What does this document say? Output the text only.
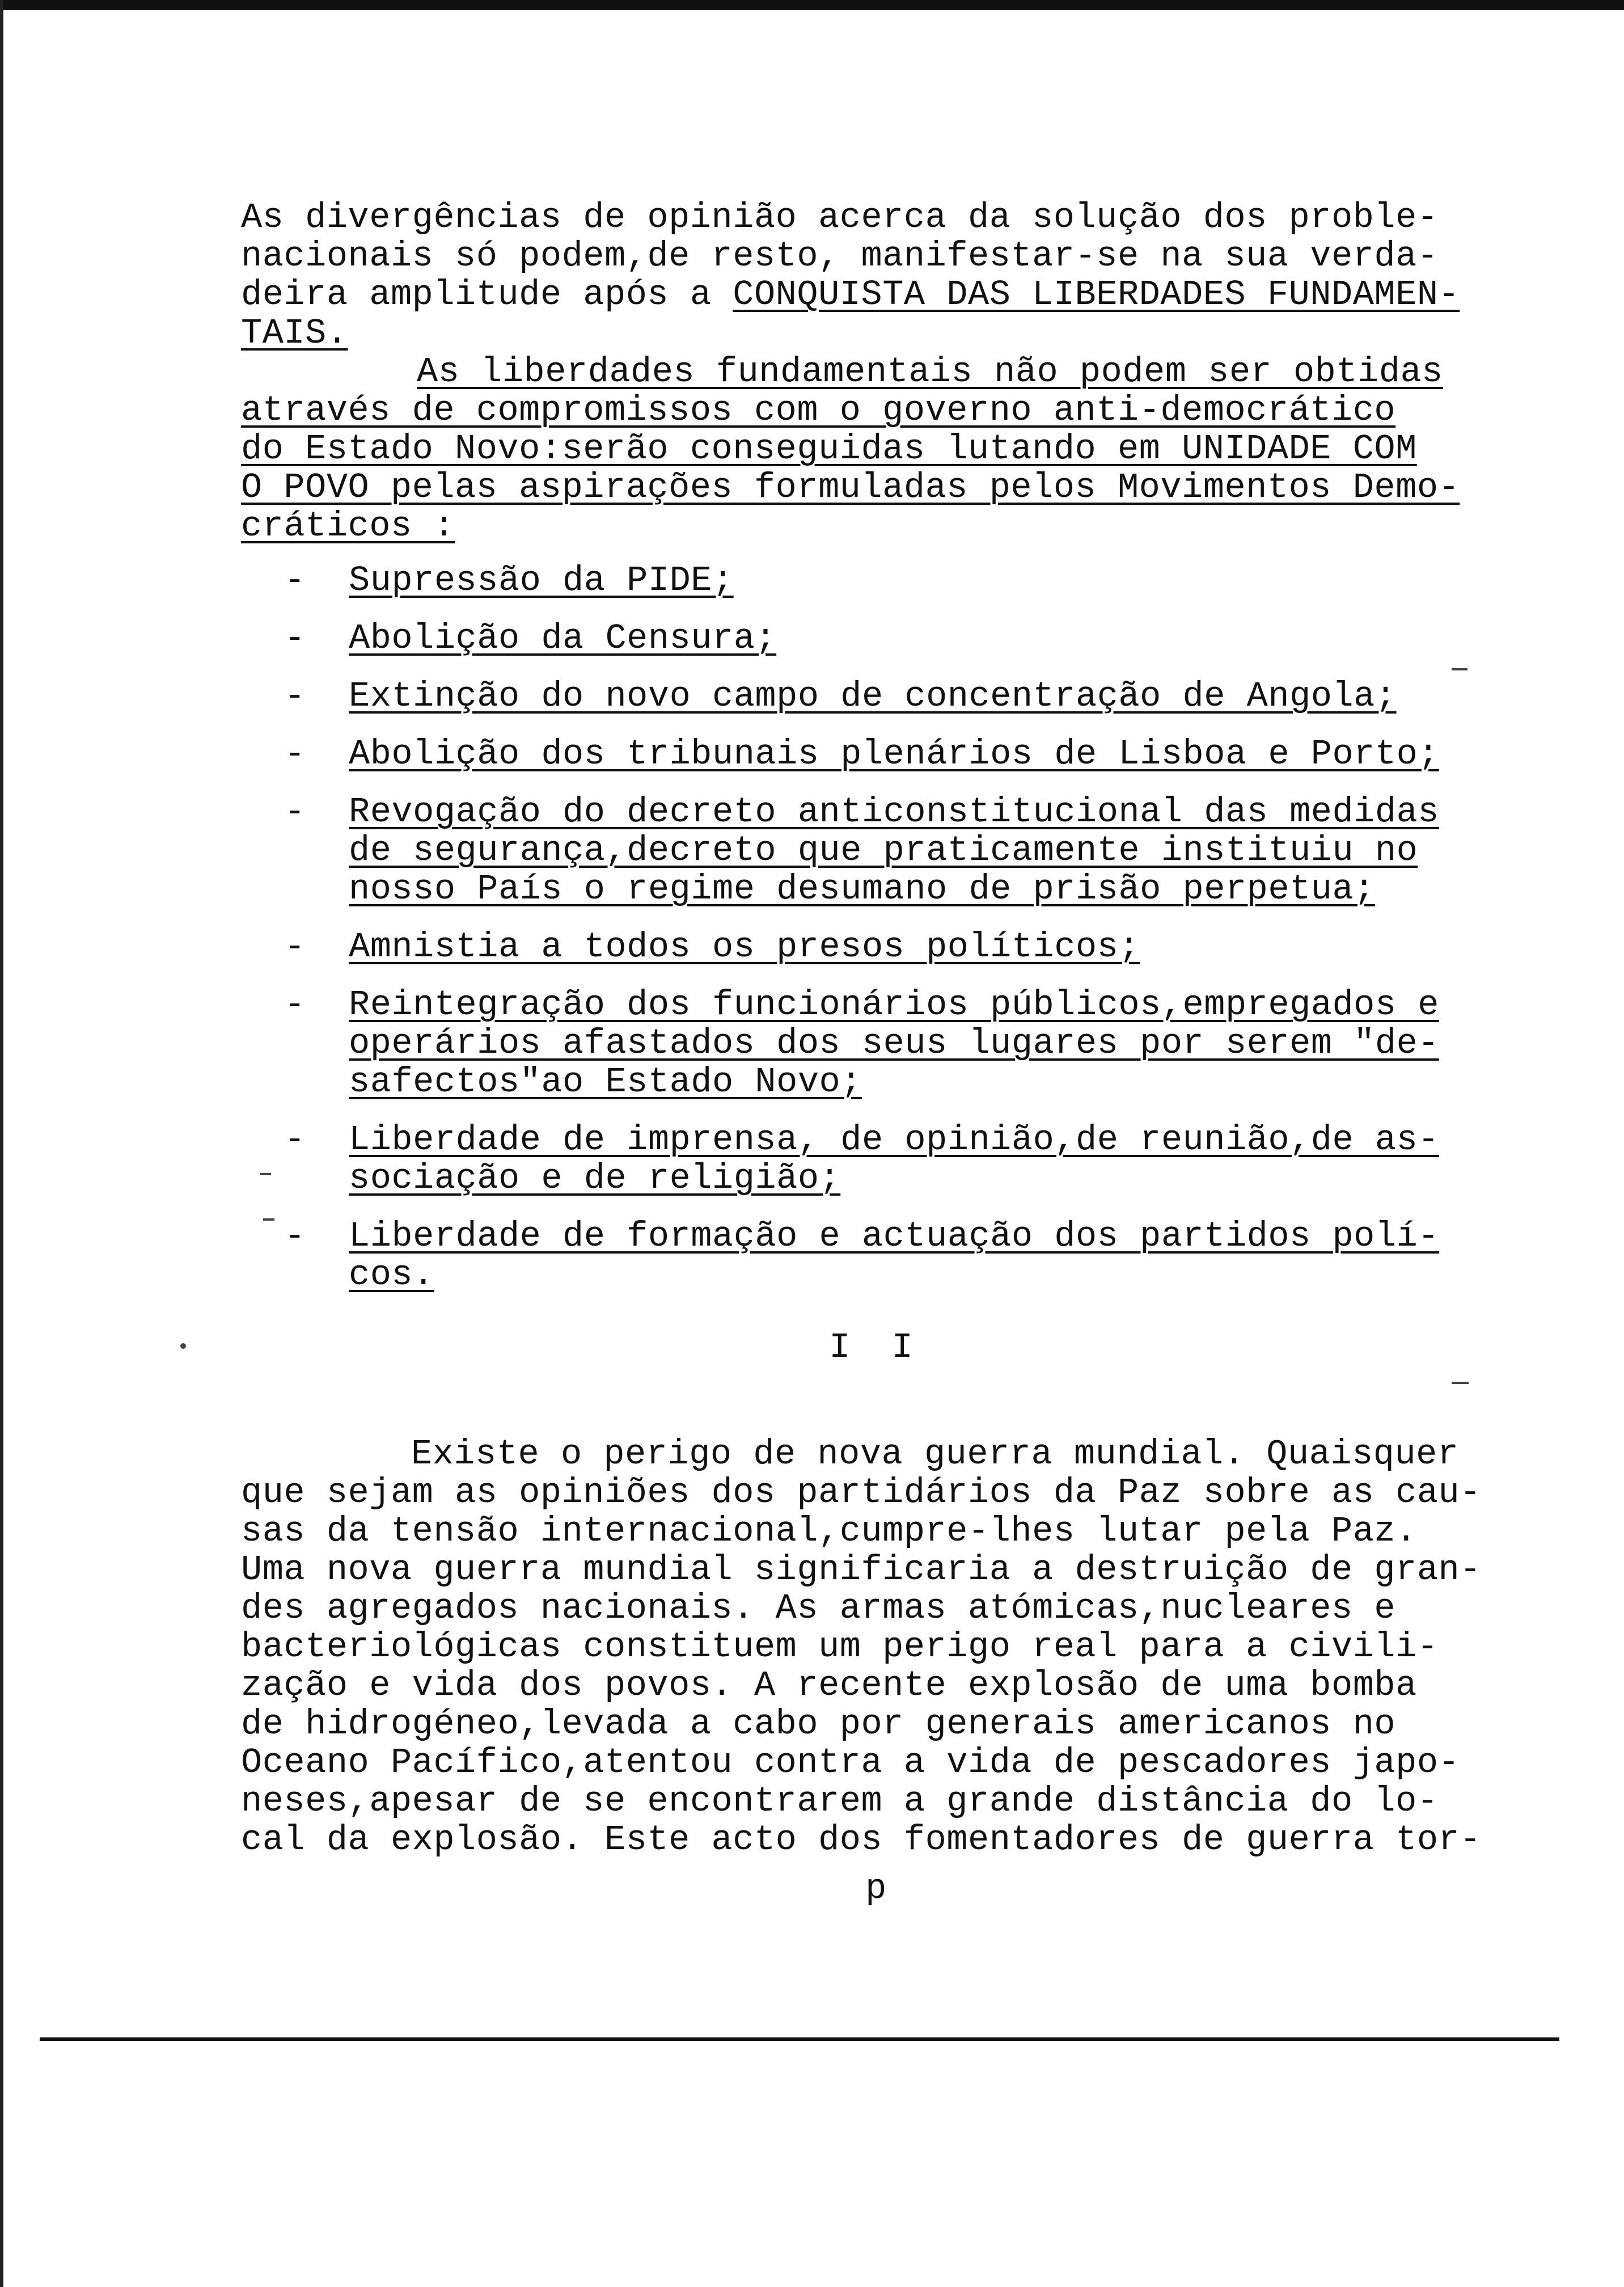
As divergências de opinião acerca da solução dos proble-
nacionais só podem,de resto, manifestar-se na sua verda-
deira amplitude após a CONQUISTA DAS LIBERDADES FUNDAMEN-
TAIS.
As liberdades fundamentais não podem ser obtidas
através de compromissos com o governo anti-democrático
do Estado Novo:serão conseguidas lutando em UNIDADE COM
O POVO pelas aspirações formuladas pelos Movimentos Demo-
cráticos :
-	Supressão da PIDE;
-	Abolição da Censura;
-	Extinção do novo campo de concentração de Angola;
-	Abolição dos tribunais plenários de Lisboa e Porto;
-	Revogação do decreto anticonstitucional das medidas
de segurança,decreto que praticamente instituiu no
nosso País o regime desumano de prisão perpetua;
-	Amnistia a todos os presos políticos;
-	Reintegração dos funcionários públicos,empregados e
operários afastados dos seus lugares por serem "de-
safectos"ao Estado Novo;
-	Liberdade de imprensa, de opinião,de reunião,de as-
sociação e de religião;
-	Liberdade de formação e actuação dos partidos polí-
cos.
I I
Existe o perigo de nova guerra mundial. Quaisquer
que sejam as opiniões dos partidários da Paz sobre as cau-
sas da tensão internacional,cumpre-lhes lutar pela Paz.
Uma nova guerra mundial significaria a destruição de gran-
des agregados nacionais. As armas atómicas,nucleares e
bacteriológicas constituem um perigo real para a civili-
zação e vida dos povos. A recente explosão de uma bomba
de hidrogéneo,levada a cabo por generais americanos no
Oceano Pacífico,atentou contra a vida de pescadores japo-
neses,apesar de se encontrarem a grande distância do lo-
cal da explosão. Este acto dos fomentadores de guerra tor-
p
